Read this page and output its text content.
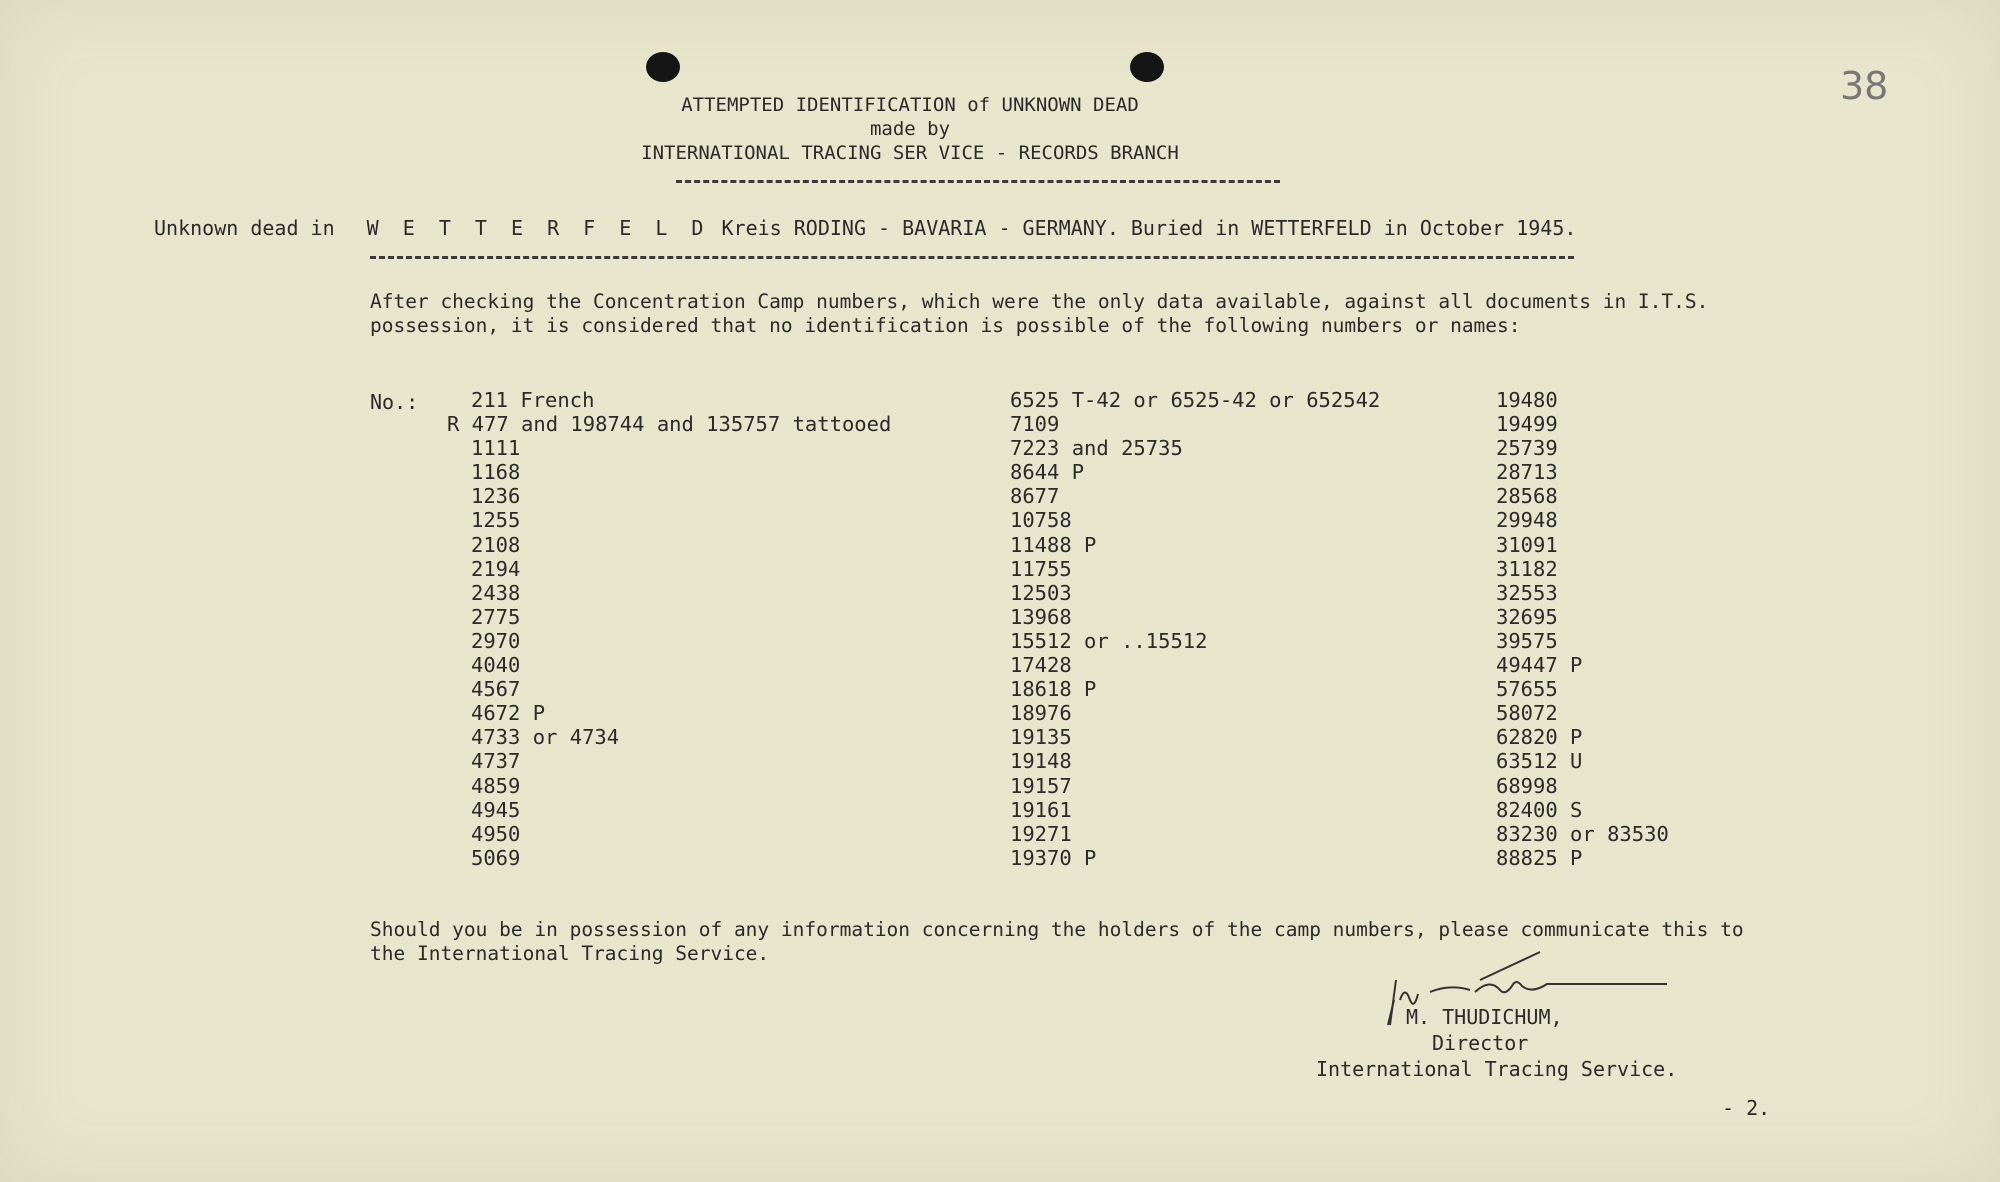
38
ATTEMPTED IDENTIFICATION of UNKNOWN DEAD
made by
INTERNATIONAL TRACING SER VICE - RECORDS BRANCH
Unknown dead in W E T T E R F E L D Kreis RODING - BAVARIA - GERMANY. Buried in WETTERFELD in October 1945.
After checking the Concentration Camp numbers, which were the only data available, against all documents in I.T.S. possession, it is considered that no identification is possible of the following numbers or names:
No.:	211 French
R 477 and 198744 and 135757 tattooed
1111
1168
1236
1255
2108
2194
2438
2775
2970
4040
4567
4672 P
4733 or 4734
4737
4859
4945
4950
5069
6525 T-42 or 6525-42 or 652542
7109
7223 and 25735
8644 P
8677
10758
11488 P
11755
12503
13968
15512 or ..15512
17428
18618 P
18976
19135
19148
19157
19161
19271
19370 P
19480
19499
25739
28713
28568
29948
31091
31182
32553
32695
39575
49447 P
57655
58072
62820 P
63512 U
68998
82400 S
83230 or 83530
88825 P
Should you be in possession of any information concerning the holders of the camp numbers, please communicate this to the International Tracing Service.
M. THUDICHUM,
Director
International Tracing Service.
- 2.
